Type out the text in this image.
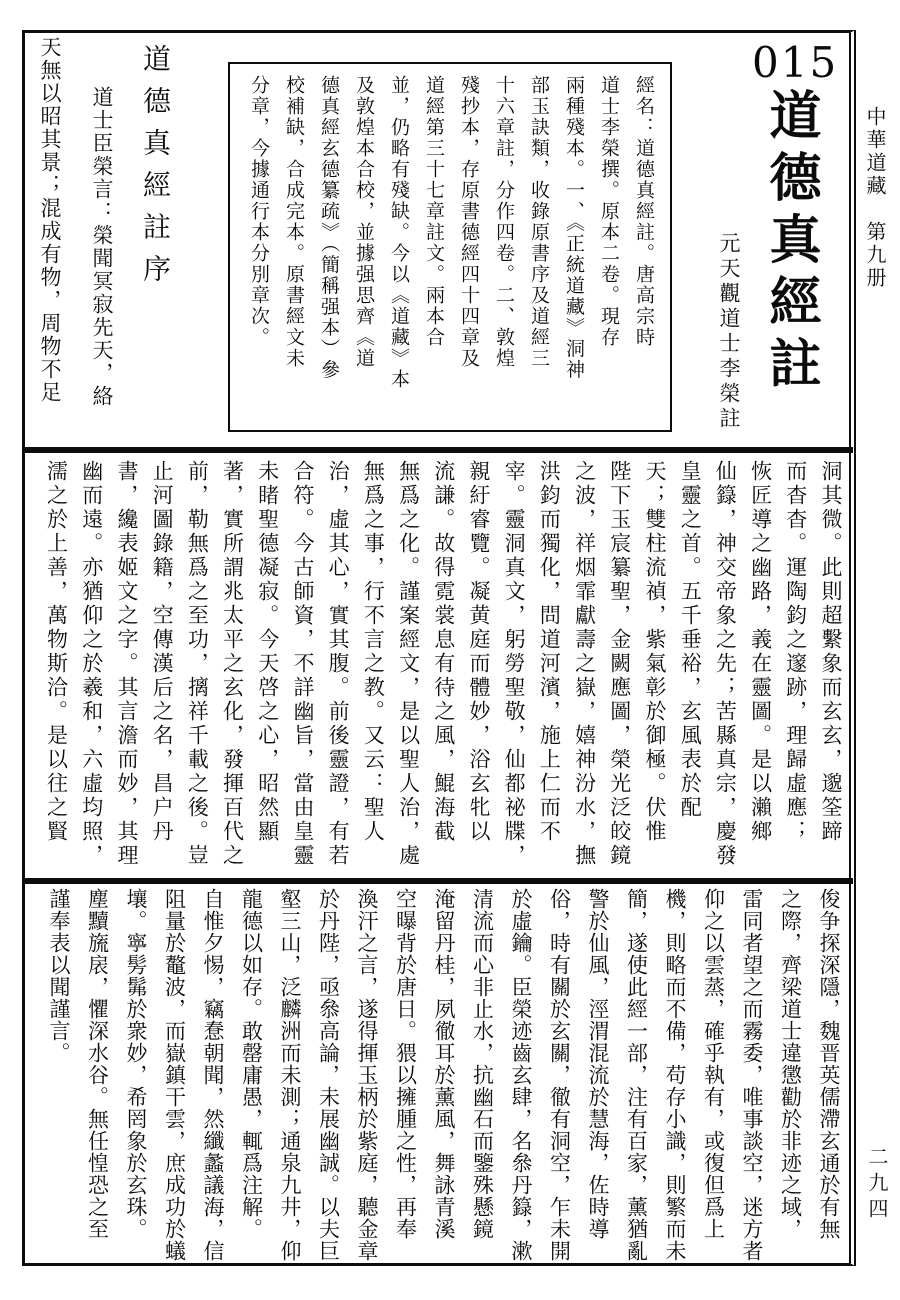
中華道藏　第九册
二九四
015
道德真經註
元天觀道士李榮註
經名：道德真經註。唐高宗時
道士李榮撰。原本二卷。現存
兩種殘本。一、《正統道藏》洞神
部玉訣類，收錄原書序及道經三
十六章註，分作四卷。二、敦煌
殘抄本，存原書德經四十四章及
道經第三十七章註文。兩本合
並，仍略有殘缺。今以《道藏》本
及敦煌本合校，並據强思齊《道
德真經玄德纂疏》（簡稱强本）參
校補缺，合成完本。原書經文未
分章，今據通行本分別章次。
道德真經註序
道士臣榮言：榮聞冥寂先天，絡
天無以昭其景；混成有物，周物不足
洞其微。此則超繫象而玄玄，邈筌蹄
而杳杳。運陶鈞之邃跡，理歸虛應；
恢匠導之幽路，義在靈圖。是以瀨鄉
仙籙，神交帝象之先；苦縣真宗，慶發
皇靈之首。五千垂裕，玄風表於配
天；雙柱流禎，紫氣彰於御極。伏惟
陛下玉宸纂聖，金闕應圖，榮光泛皎鏡
之波，祥烟霏獻壽之嶽，嬉神汾水，撫
洪鈞而獨化，問道河濱，施上仁而不
宰。靈洞真文，躬勞聖敬，仙都祕牒，
親紆睿覽。凝黄庭而體妙，浴玄牝以
流謙。故得霓裳息有待之風，鯤海截
無爲之化。謹案經文，是以聖人治，處
無爲之事，行不言之教。又云：聖人
治，虛其心，實其腹。前後靈證，有若
合符。今古師資，不詳幽旨，當由皇靈
未睹聖德凝寂。今天啓之心，昭然顯
著，實所謂兆太平之玄化，發揮百代之
前，勒無爲之至功，摛祥千載之後。豈
止河圖錄籍，空傳漢后之名，昌户丹
書，纔表姬文之字。其言澹而妙，其理
幽而遠。亦猶仰之於羲和，六虛均照，
濡之於上善，萬物斯洽。是以往之賢
俊争探深隱，魏晋英儒滯玄通於有無
之際，齊梁道士違懲勸於非迹之域，
雷同者望之而霧委，唯事談空，迷方者
仰之以雲蒸，確乎執有，或復但爲上
機，則略而不備，苟存小識，則繁而未
簡，遂使此經一部，注有百家，薰猶亂
警於仙風，涇渭混流於慧海，佐時導
俗，時有關於玄關，徹有洞空，乍未開
於虛鑰。臣榮迹齒玄肆，名叅丹籙，漱
清流而心非止水，抗幽石而鑒殊懸鏡
淹留丹桂，夙徹耳於薰風，舞詠青溪
空曝背於唐日。猥以擁腫之性，再奉
渙汗之言，遂得揮玉柄於紫庭，聽金章
於丹陛，亟叅高論，未展幽誠。以夫巨
壑三山，泛麟洲而未測；通泉九井，仰
龍德以如存。敢罄庸愚，輒爲注解。
自惟夕惕，竊惷朝聞，然纖蠡議海，信
阻量於鼇波，而嶽鎮干雲，庶成功於蟻
壤。寧髣髴於衆妙，希罔象於玄珠。
塵黷旒扆，懼深水谷。無任惶恐之至
謹奉表以聞謹言。
